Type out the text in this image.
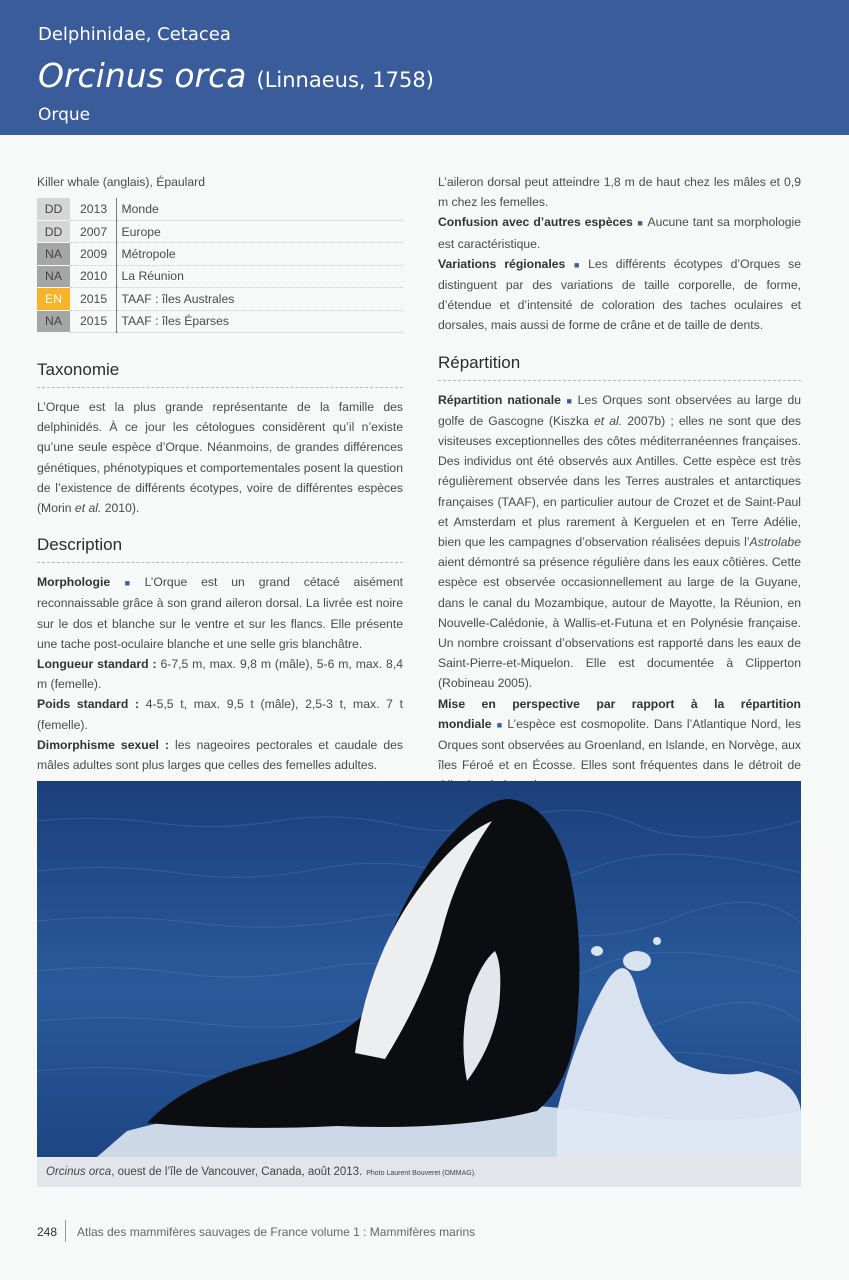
Delphinidae, Cetacea
Orcinus orca (Linnaeus, 1758)
Orque
Killer whale (anglais), Épaulard
DD	2013	Monde
DD	2007	Europe
NA	2009	Métropole
NA	2010	La Réunion
EN	2015	TAAF : îles Australes
NA	2015	TAAF : îles Éparses
Taxonomie

L’Orque est la plus grande représentante de la famille des delphinidés. À ce jour les cétologues considèrent qu’il n’existe qu’une seule espèce d’Orque. Néanmoins, de grandes différences génétiques, phénotypiques et comportementales posent la question de l’existence de différents écotypes, voire de différentes espèces (Morin et al. 2010).

Description

Morphologie ■ L’Orque est un grand cétacé aisément reconnaissable grâce à son grand aileron dorsal. La livrée est noire sur le dos et blanche sur le ventre et sur les flancs. Elle présente une tache post-oculaire blanche et une selle gris blanchâtre.

Longueur standard : 6-7,5 m, max. 9,8 m (mâle), 5-6 m, max. 8,4 m (femelle).

Poids standard : 4-5,5 t, max. 9,5 t (mâle), 2,5-3 t, max. 7 t (femelle).

Dimorphisme sexuel : les nageoires pectorales et caudale des mâles adultes sont plus larges que celles des femelles adultes.

L’aileron dorsal peut atteindre 1,8 m de haut chez les mâles et 0,9 m chez les femelles.

Confusion avec d’autres espèces ■ Aucune tant sa morphologie est caractéristique.

Variations régionales ■ Les différents écotypes d’Orques se distinguent par des variations de taille corporelle, de forme, d’étendue et d’intensité de coloration des taches oculaires et dorsales, mais aussi de forme de crâne et de taille de dents.

Répartition

Répartition nationale ■ Les Orques sont observées au large du golfe de Gascogne (Kiszka et al. 2007b) ; elles ne sont que des visiteuses exceptionnelles des côtes méditerranéennes françaises. Des individus ont été observés aux Antilles. Cette espèce est très régulièrement observée dans les Terres australes et antarctiques françaises (TAAF), en particulier autour de Crozet et de Saint-Paul et Amsterdam et plus rarement à Kerguelen et en Terre Adélie, bien que les campagnes d’observation réalisées depuis l’Astrolabe aient démontré sa présence régulière dans les eaux côtières. Cette espèce est observée occasionnellement au large de la Guyane, dans le canal du Mozambique, autour de Mayotte, la Réunion, en Nouvelle-Calédonie, à Wallis-et-Futuna et en Polynésie française. Un nombre croissant d’observations est rapporté dans les eaux de Saint-Pierre-et-Miquelon. Elle est documentée à Clipperton (Robineau 2005).

Mise en perspective par rapport à la répartition mondiale ■ L’espèce est cosmopolite. Dans l’Atlantique Nord, les Orques sont observées au Groenland, en Islande, en Norvège, aux îles Féroé et en Écosse. Elles sont fréquentes dans le détroit de

Orcinus orca, ouest de l’île de Vancouver, Canada, août 2013. Photo Laurent Bouveret (OMMAG).
248 Atlas des mammifères sauvages de France volume 1 : Mammifères marins
